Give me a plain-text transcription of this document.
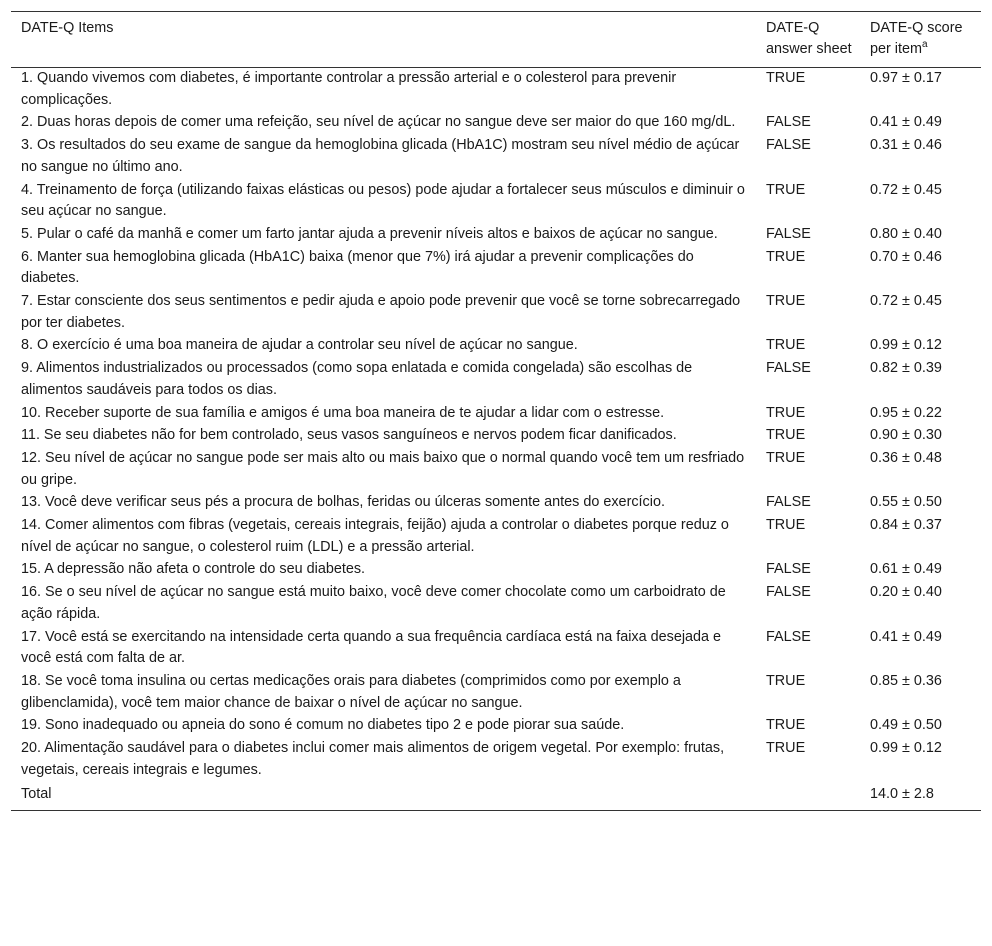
DATE-Q Items	DATE-Q answer sheet	DATE-Q score per item$^a$
1. Quando vivemos com diabetes, é importante controlar a pressão arterial e o colesterol para prevenir complicações.	TRUE	0.97 ± 0.17
2. Duas horas depois de comer uma refeição, seu nível de açúcar no sangue deve ser maior do que 160 mg/dL.	FALSE	0.41 ± 0.49
3. Os resultados do seu exame de sangue da hemoglobina glicada (HbA1C) mostram seu nível médio de açúcar no sangue no último ano.	FALSE	0.31 ± 0.46
4. Treinamento de força (utilizando faixas elásticas ou pesos) pode ajudar a fortalecer seus músculos e diminuir o seu açúcar no sangue.	TRUE	0.72 ± 0.45
5. Pular o café da manhã e comer um farto jantar ajuda a prevenir níveis altos e baixos de açúcar no sangue.	FALSE	0.80 ± 0.40
6. Manter sua hemoglobina glicada (HbA1C) baixa (menor que 7%) irá ajudar a prevenir complicações do diabetes.	TRUE	0.70 ± 0.46
7. Estar consciente dos seus sentimentos e pedir ajuda e apoio pode prevenir que você se torne sobrecarregado por ter diabetes.	TRUE	0.72 ± 0.45
8. O exercício é uma boa maneira de ajudar a controlar seu nível de açúcar no sangue.	TRUE	0.99 ± 0.12
9. Alimentos industrializados ou processados (como sopa enlatada e comida congelada) são escolhas de alimentos saudáveis para todos os dias.	FALSE	0.82 ± 0.39
10. Receber suporte de sua família e amigos é uma boa maneira de te ajudar a lidar com o estresse.	TRUE	0.95 ± 0.22
11. Se seu diabetes não for bem controlado, seus vasos sanguíneos e nervos podem ficar danificados.	TRUE	0.90 ± 0.30
12. Seu nível de açúcar no sangue pode ser mais alto ou mais baixo que o normal quando você tem um resfriado ou gripe.	TRUE	0.36 ± 0.48
13. Você deve verificar seus pés a procura de bolhas, feridas ou úlceras somente antes do exercício.	FALSE	0.55 ± 0.50
14. Comer alimentos com fibras (vegetais, cereais integrais, feijão) ajuda a controlar o diabetes porque reduz o nível de açúcar no sangue, o colesterol ruim (LDL) e a pressão arterial.	TRUE	0.84 ± 0.37
15. A depressão não afeta o controle do seu diabetes.	FALSE	0.61 ± 0.49
16. Se o seu nível de açúcar no sangue está muito baixo, você deve comer chocolate como um carboidrato de ação rápida.	FALSE	0.20 ± 0.40
17. Você está se exercitando na intensidade certa quando a sua frequência cardíaca está na faixa desejada e você está com falta de ar.	FALSE	0.41 ± 0.49
18. Se você toma insulina ou certas medicações orais para diabetes (comprimidos como por exemplo a glibenclamida), você tem maior chance de baixar o nível de açúcar no sangue.	TRUE	0.85 ± 0.36
19. Sono inadequado ou apneia do sono é comum no diabetes tipo 2 e pode piorar sua saúde.	TRUE	0.49 ± 0.50
20. Alimentação saudável para o diabetes inclui comer mais alimentos de origem vegetal. Por exemplo: frutas, vegetais, cereais integrais e legumes.	TRUE	0.99 ± 0.12
Total		14.0 ± 2.8
